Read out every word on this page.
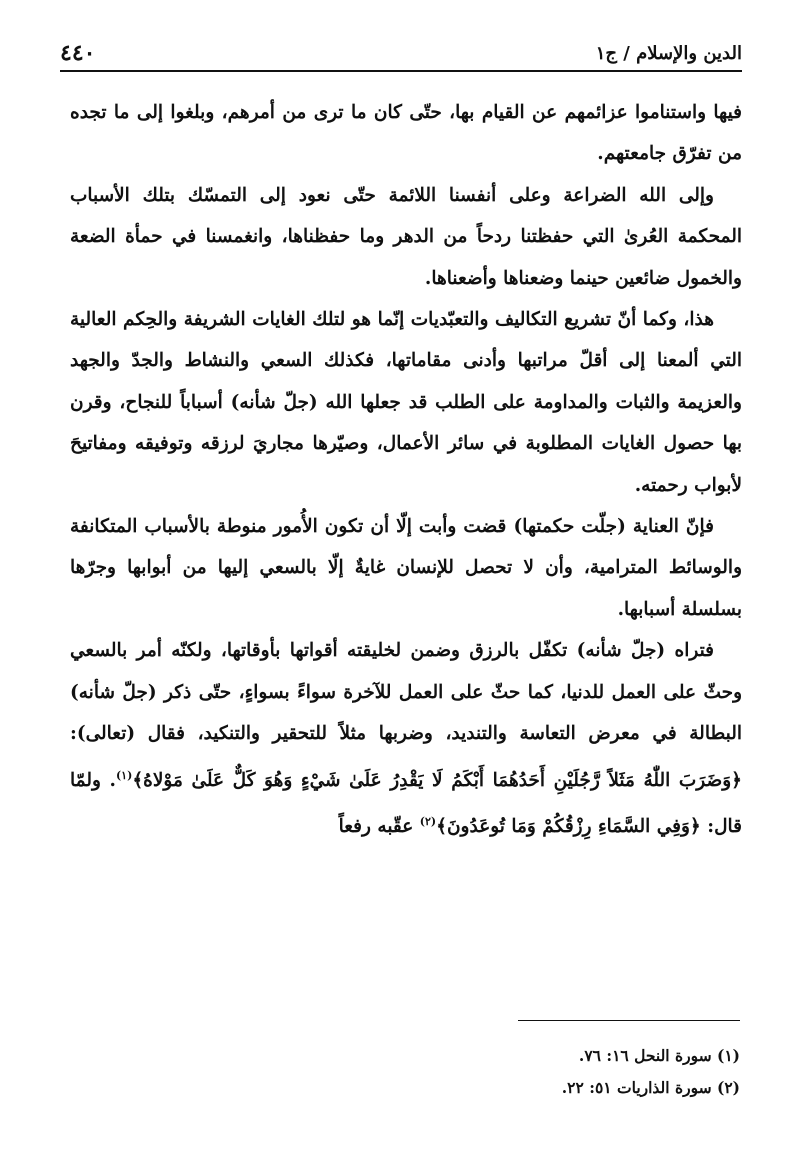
الدين والإسلام / ج١
٤٤٠

فيها واستناموا عزائمهم عن القيام بها، حتّى كان ما ترى من أمرهم، وبلغوا إلى ما تجده من تفرّق جامعتهم.

وإلى الله الضراعة وعلى أنفسنا اللائمة حتّى نعود إلى التمسّك بتلك الأسباب المحكمة العُرىٰ التي حفظتنا ردحاً من الدهر وما حفظناها، وانغمسنا في حمأة الضعة والخمول ضائعين حينما وضعناها وأضعناها.

هذا، وكما أنّ تشريع التكاليف والتعبّديات إنّما هو لتلك الغايات الشريفة والحِكم العالية التي ألمعنا إلى أقلّ مراتبها وأدنى مقاماتها، فكذلك السعي والنشاط والجدّ والجهد والعزيمة والثبات والمداومة على الطلب قد جعلها الله (جلّ شأنه) أسباباً للنجاح، وقرن بها حصول الغايات المطلوبة في سائر الأعمال، وصيّرها مجاريَ لرزقه وتوفيقه ومفاتيحَ لأبواب رحمته.

فإنّ العناية (جلّت حكمتها) قضت وأبت إلّا أن تكون الأُمور منوطة بالأسباب المتكانفة والوسائط المترامية، وأن لا تحصل للإنسان غايةٌ إلّا بالسعي إليها من أبوابها وجرّها بسلسلة أسبابها.

فتراه (جلّ شأنه) تكفّل بالرزق وضمن لخليقته أقواتها بأوقاتها، ولكنّه أمر بالسعي وحثّ على العمل للدنيا، كما حثّ على العمل للآخرة سواءً بسواءٍ، حتّى ذكر (جلّ شأنه) البطالة في معرض التعاسة والتنديد، وضربها مثلاً للتحقير والتنكيد، فقال (تعالى): ﴿وَضَرَبَ اللّٰهُ مَثَلاً رَّجُلَيْنِ أَحَدُهُمَا أَبْكَمُ لَا يَقْدِرُ عَلَىٰ شَيْءٍ وَهُوَ كَلٌّ عَلَىٰ مَوْلاهُ﴾$^{(١)}$. ولمّا قال: ﴿وَفِي السَّمَاءِ رِزْقُكُمْ وَمَا تُوعَدُونَ﴾$^{(٢)}$ عقّبه رفعاً

(١) سورة النحل ١٦: ٧٦.

(٢) سورة الذاريات ٥١: ٢٢.
